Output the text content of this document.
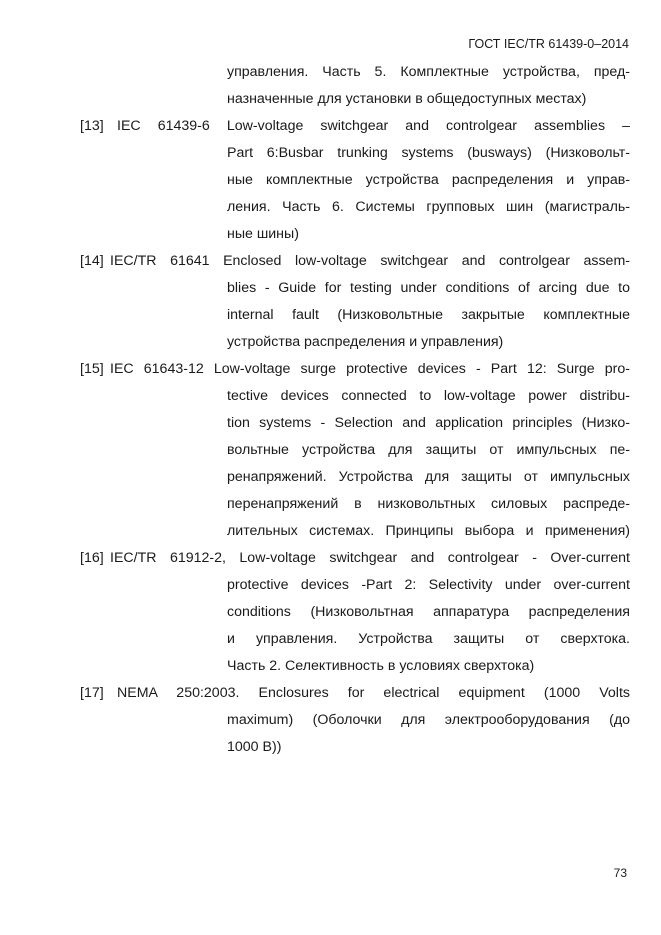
ГОСТ IEC/TR 61439-0–2014
управления. Часть 5. Комплектные устройства, пред-
назначенные для установки в общедоступных местах)
[13] IEC 61439-6 Low-voltage switchgear and controlgear assemblies –
Part 6:Busbar trunking systems (busways) (Низковольт-
ные комплектные устройства распределения и управ-
ления. Часть 6. Системы групповых шин (магистраль-
ные шины)
[14] IEC/TR 61641 Enclosed low-voltage switchgear and controlgear assem-
blies - Guide for testing under conditions of arcing due to
internal fault (Низковольтные закрытые комплектные
устройства распределения и управления)
[15] IEC 61643-12 Low-voltage surge protective devices - Part 12: Surge pro-
tective devices connected to low-voltage power distribu-
tion systems - Selection and application principles (Низко-
вольтные устройства для защиты от импульсных пе-
ренапряжений. Устройства для защиты от импульсных
перенапряжений в низковольтных силовых распреде-
лительных системах. Принципы выбора и применения)
[16] IEC/TR 61912-2, Low-voltage switchgear and controlgear - Over-current
protective devices -Part 2: Selectivity under over-current
conditions (Низковольтная аппаратура распределения
и управления. Устройства защиты от сверхтока.
Часть 2. Селективность в условиях сверхтока)
[17] NEMA 250:2003. Enclosures for electrical equipment (1000 Volts
maximum) (Оболочки для электрооборудования (до
1000 В))
73
